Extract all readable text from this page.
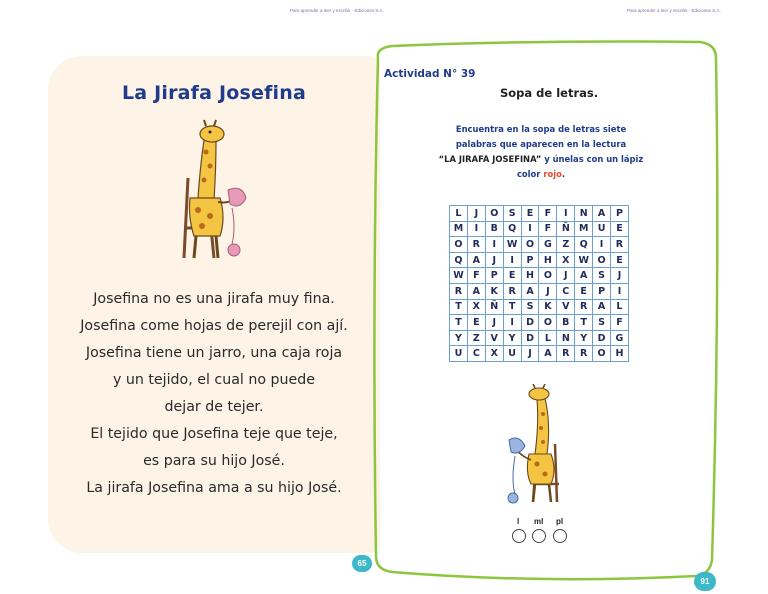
Para aprender a leer y escribir · Ediciones S.A.	Para aprender a leer y escribir · Ediciones S.A.
La Jirafa Josefina
Josefina no es una jirafa muy fina.
Josefina come hojas de perejil con ají.
Josefina tiene un jarro, una caja roja
y un tejido, el cual no puede
dejar de tejer.
El tejido que Josefina teje que teje,
es para su hijo José.
La jirafa Josefina ama a su hijo José.
65
Actividad N° 39
Sopa de letras.
Encuentra en la sopa de letras siete
palabras que aparecen en la lectura
“LA JIRAFA JOSEFINA” y únelas con un lápiz
color rojo.
L	J	O	S	E	F	I	N	A	P
M	I	B	Q	I	F	Ñ	M	U	E
O	R	I	W	O	G	Z	Q	I	R
Q	A	J	I	P	H	X	W	O	E
W	F	P	E	H	O	J	A	S	J
R	A	K	R	A	J	C	E	P	I
T	X	Ñ	T	S	K	V	R	A	L
T	E	J	I	D	O	B	T	S	F
Y	Z	V	Y	D	L	N	Y	D	G
U	C	X	U	J	A	R	R	O	H
l ml pl
91
